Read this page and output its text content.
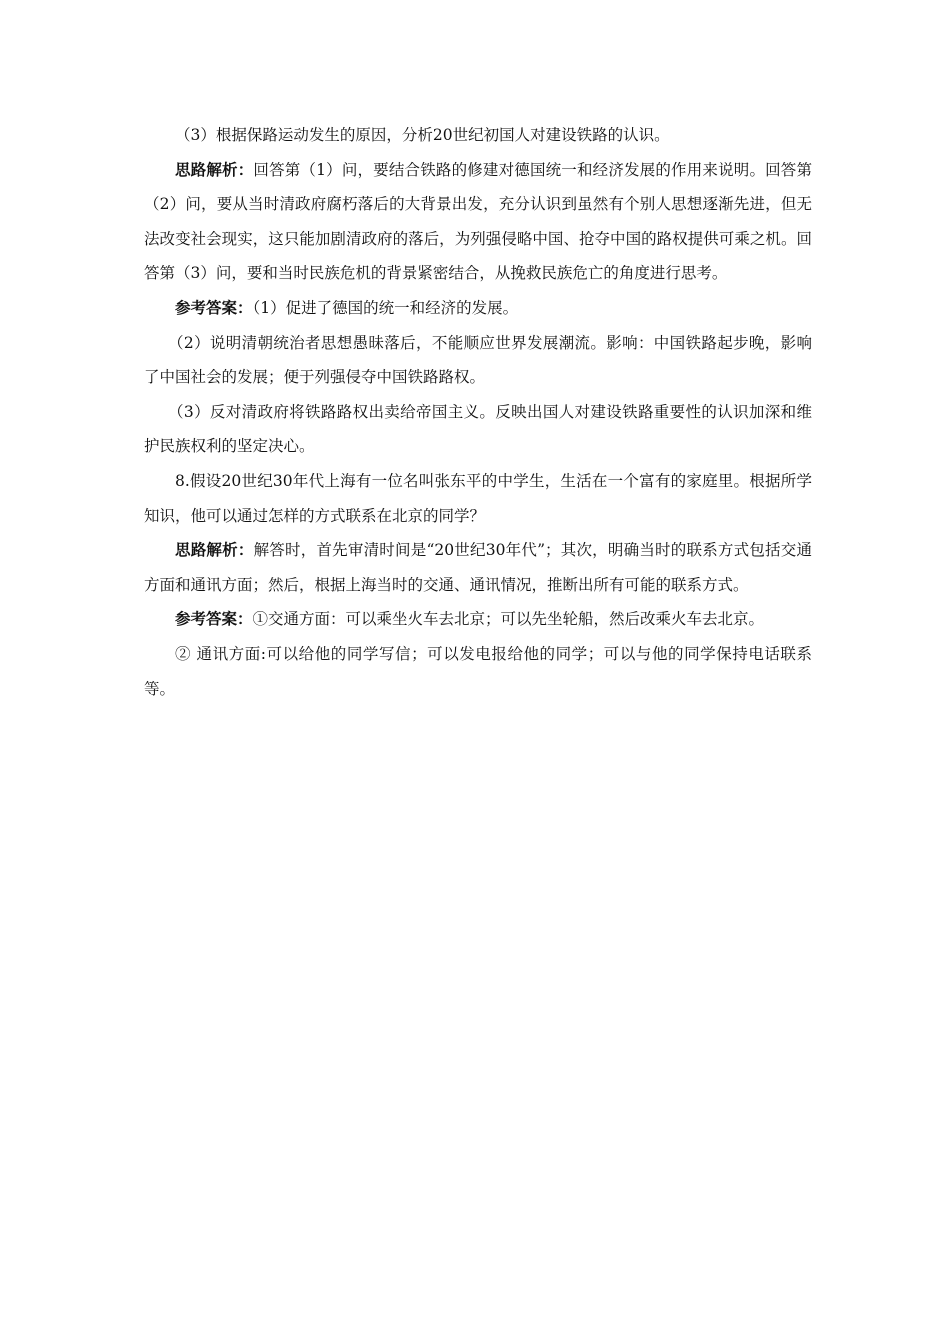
（3）根据保路运动发生的原因，分析20世纪初国人对建设铁路的认识。

思路解析：回答第（1）问，要结合铁路的修建对德国统一和经济发展的作用来说明。回答第（2）问，要从当时清政府腐朽落后的大背景出发，充分认识到虽然有个别人思想逐渐先进，但无法改变社会现实，这只能加剧清政府的落后，为列强侵略中国、抢夺中国的路权提供可乘之机。回答第（3）问，要和当时民族危机的背景紧密结合，从挽救民族危亡的角度进行思考。

参考答案：（1）促进了德国的统一和经济的发展。

（2）说明清朝统治者思想愚昧落后，不能顺应世界发展潮流。影响：中国铁路起步晚，影响了中国社会的发展；便于列强侵夺中国铁路路权。

（3）反对清政府将铁路路权出卖给帝国主义。反映出国人对建设铁路重要性的认识加深和维护民族权利的坚定决心。

8.假设20世纪30年代上海有一位名叫张东平的中学生，生活在一个富有的家庭里。根据所学知识，他可以通过怎样的方式联系在北京的同学？

思路解析：解答时，首先审清时间是“20世纪30年代”；其次，明确当时的联系方式包括交通方面和通讯方面；然后，根据上海当时的交通、通讯情况，推断出所有可能的联系方式。

参考答案：①交通方面：可以乘坐火车去北京；可以先坐轮船，然后改乘火车去北京。

② 通讯方面:可以给他的同学写信；可以发电报给他的同学；可以与他的同学保持电话联系等。
